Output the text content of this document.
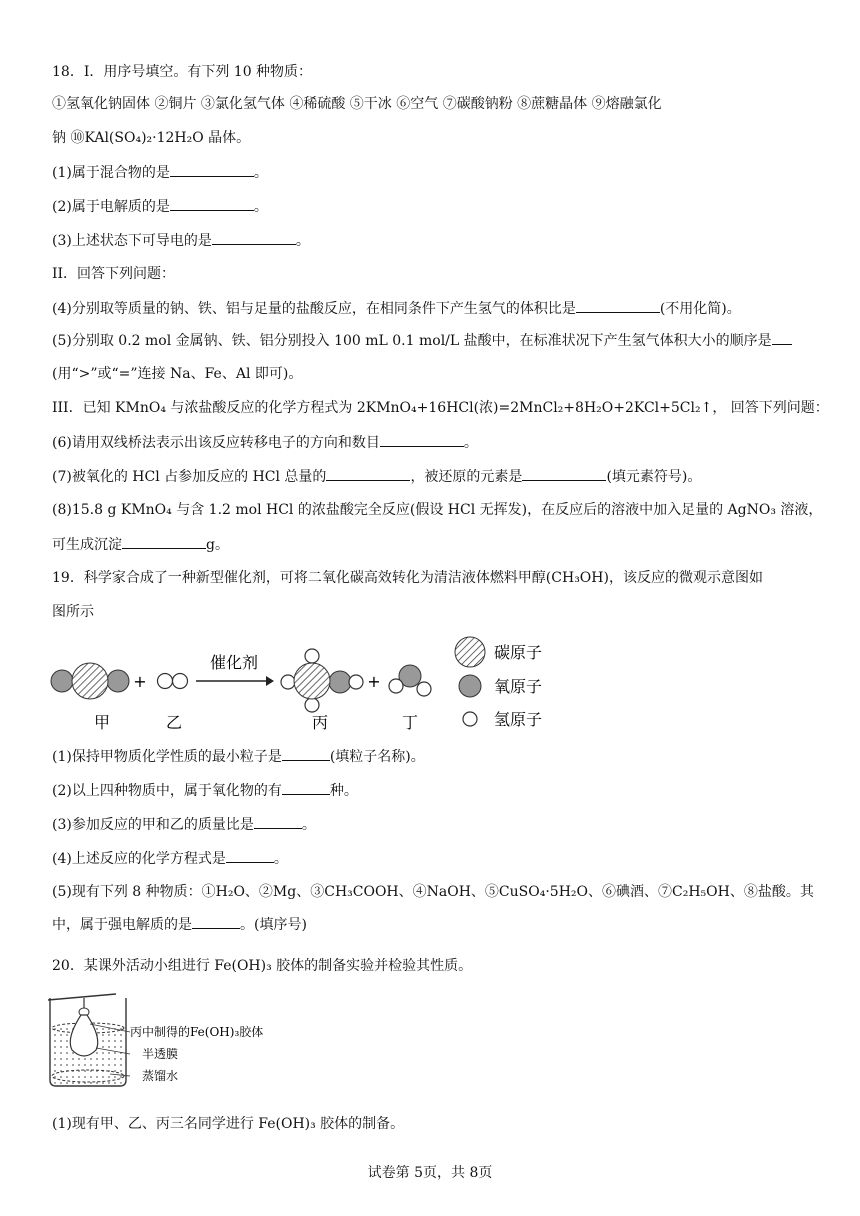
18．I．用序号填空。有下列 10 种物质：
①氢氧化钠固体 ②铜片 ③氯化氢气体 ④稀硫酸 ⑤干冰 ⑥空气 ⑦碳酸钠粉 ⑧蔗糖晶体 ⑨熔融氯化
钠 ⑩KAl(SO₄)₂·12H₂O 晶体。
(1)属于混合物的是	。
(2)属于电解质的是	。
(3)上述状态下可导电的是	。
II．回答下列问题：
(4)分别取等质量的钠、铁、铝与足量的盐酸反应，在相同条件下产生氢气的体积比是	(不用化简)。
(5)分别取 0.2 mol 金属钠、铁、铝分别投入 100 mL 0.1 mol/L 盐酸中，在标准状况下产生氢气体积大小的顺序是
(用“>”或“=”连接 Na、Fe、Al 即可)。
III．已知 KMnO₄ 与浓盐酸反应的化学方程式为 2KMnO₄+16HCl(浓)=2MnCl₂+8H₂O+2KCl+5Cl₂↑， 回答下列问题：
(6)请用双线桥法表示出该反应转移电子的方向和数目	。
(7)被氧化的 HCl 占参加反应的 HCl 总量的	，被还原的元素是	(填元素符号)。
(8)15.8 g KMnO₄ 与含 1.2 mol HCl 的浓盐酸完全反应(假设 HCl 无挥发)，在反应后的溶液中加入足量的 AgNO₃ 溶液，
可生成沉淀	g。
19．科学家合成了一种新型催化剂，可将二氧化碳高效转化为清洁液体燃料甲醇(CH₃OH)，该反应的微观示意图如
图所示
+
催化剂
+
甲	乙	丙	丁
碳原子
氧原子
氢原子
(1)保持甲物质化学性质的最小粒子是	(填粒子名称)。
(2)以上四种物质中，属于氧化物的有	种。
(3)参加反应的甲和乙的质量比是	。
(4)上述反应的化学方程式是	。
(5)现有下列 8 种物质：①H₂O、②Mg、③CH₃COOH、④NaOH、⑤CuSO₄·5H₂O、⑥碘酒、⑦C₂H₅OH、⑧盐酸。其
中，属于强电解质的是	。(填序号)
20．某课外活动小组进行 Fe(OH)₃ 胶体的制备实验并检验其性质。
丙中制得的Fe(OH)₃胶体
半透膜
蒸馏水
(1)现有甲、乙、丙三名同学进行 Fe(OH)₃ 胶体的制备。
试卷第 5页，共 8页
